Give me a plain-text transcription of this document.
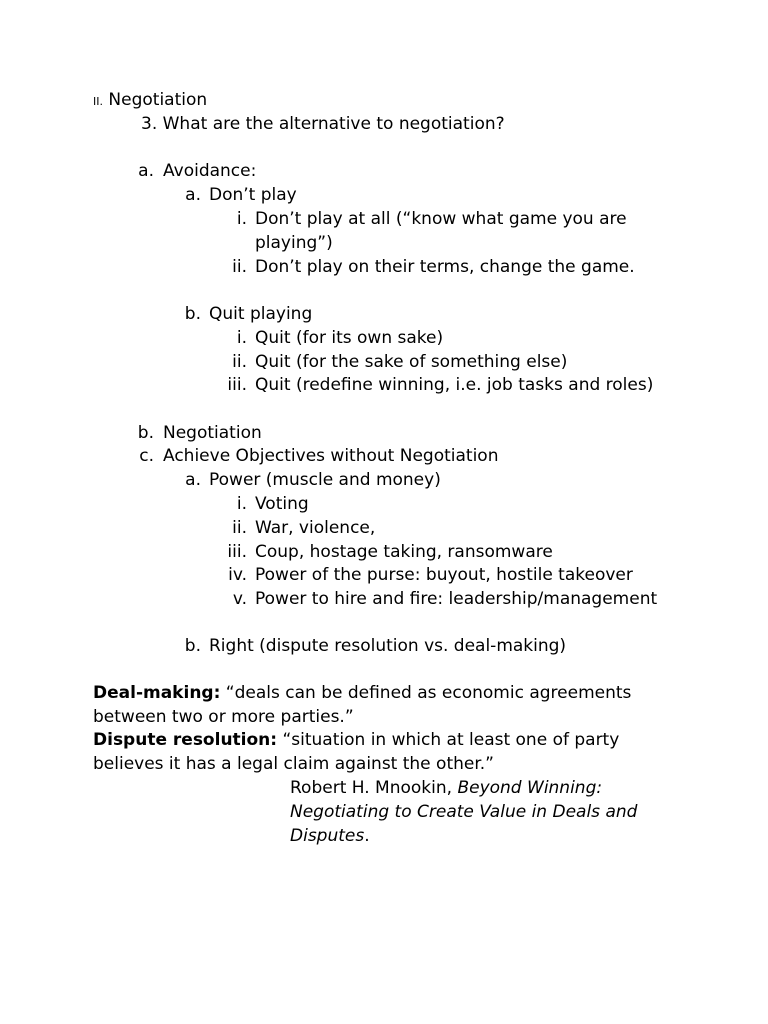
II. Negotiation
3. What are the alternative to negotiation?
a. Avoidance:
a. Don’t play
i. Don’t play at all (“know what game you are
playing”)
ii. Don’t play on their terms, change the game.
b. Quit playing
i. Quit (for its own sake)
ii. Quit (for the sake of something else)
iii. Quit (redefine winning, i.e. job tasks and roles)
b. Negotiation
c. Achieve Objectives without Negotiation
a. Power (muscle and money)
i. Voting
ii. War, violence,
iii. Coup, hostage taking, ransomware
iv. Power of the purse: buyout, hostile takeover
v. Power to hire and fire: leadership/management
b. Right (dispute resolution vs. deal-making)
Deal-making: “deals can be defined as economic agreements between two or more parties.”
Dispute resolution: “situation in which at least one of party believes it has a legal claim against the other.”
Robert H. Mnookin, Beyond Winning:
Negotiating to Create Value in Deals and
Disputes.
